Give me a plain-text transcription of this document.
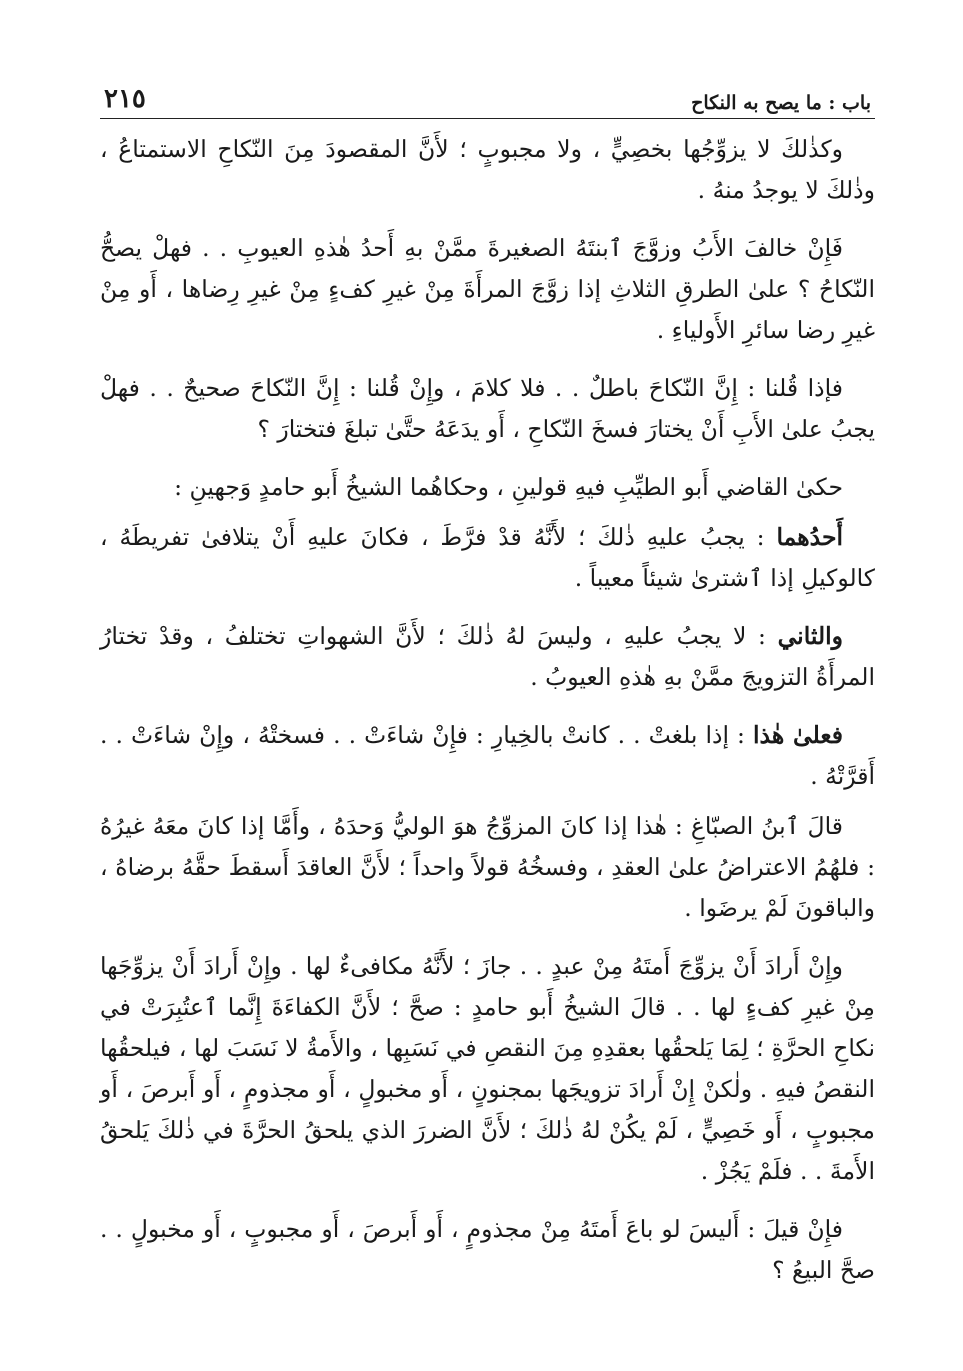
باب : ما يصح به النكاح
٢١٥

وكذٰلكَ لا يزوِّجُها بخصِيٍّ ، ولا مجبوبٍ ؛ لأَنَّ المقصودَ مِنَ النّكاحِ الاستمتاعُ ، وذٰلكَ لا يوجدُ منهُ .

فَإِنْ خالفَ الأَبُ وزوَّجَ ٱبنتَهُ الصغيرةَ ممَّنْ بهِ أَحدُ هٰذهِ العيوبِ . . فهلْ يصحُّ النّكاحُ ؟ علىٰ الطرقِ الثلاثِ إذا زوَّجَ المرأَةَ مِنْ غيرِ كفءٍ مِنْ غيرِ رِضاها ، أَو مِنْ غيرِ رضا سائرِ الأَولياءِ .

فإذا قُلنا : إِنَّ النّكاحَ باطلٌ . . فلا كلامَ ، وإِنْ قُلنا : إِنَّ النّكاحَ صحيحٌ . . فهلْ يجبُ علىٰ الأَبِ أَنْ يختارَ فسخَ النّكاحِ ، أَو يدَعَهُ حتَّىٰ تبلغَ فتختارَ ؟

حكىٰ القاضي أَبو الطيِّبِ فيهِ قولينِ ، وحكاهُما الشيخُ أَبو حامدٍ وَجهينِ :

أَحدُهما : يجبُ عليهِ ذٰلكَ ؛ لأَنَّهُ قدْ فرَّطَ ، فكانَ عليهِ أَنْ يتلافىٰ تفريطَهُ ، كالوكيلِ إذا ٱشترىٰ شيئاً معيباً .

والثاني : لا يجبُ عليهِ ، وليسَ لهُ ذٰلكَ ؛ لأَنَّ الشهواتِ تختلفُ ، وقدْ تختارُ المرأَةُ التزويجَ ممَّنْ بهِ هٰذهِ العيوبُ .

فعلىٰ هٰذا : إذا بلغتْ . . كانتْ بالخِيارِ : فإِنْ شاءَتْ . . فسختْهُ ، وإِنْ شاءَتْ . . أَقرَّتْهُ .

قالَ ٱبنُ الصبّاغِ : هٰذا إذا كانَ المزوِّجُ هوَ الوليُّ وَحدَهُ ، وأَمَّا إذا كانَ معَهُ غيرُهُ : فلهُمُ الاعتراضُ علىٰ العقدِ ، وفسخُهُ قولاً واحداً ؛ لأَنَّ العاقدَ أَسقطَ حقَّهُ برضاهُ ، والباقونَ لَمْ يرضَوا .

وإِنْ أَرادَ أَنْ يزوِّجَ أَمتَهُ مِنْ عبدٍ . . جازَ ؛ لأَنَّهُ مكافىءٌ لها . وإِنْ أَرادَ أَنْ يزوِّجَها مِنْ غيرِ كفءٍ لها . . قالَ الشيخُ أَبو حامدٍ : صحَّ ؛ لأَنَّ الكفاءَةَ إِنَّما ٱعتُبِرَتْ في نكاحِ الحرَّةِ ؛ لِمَا يَلحقُها بعقدِهِ مِنَ النقصِ في نَسَبِها ، والأَمةُ لا نَسَبَ لها ، فيلحقُها النقصُ فيهِ . ولٰكنْ إِنْ أَرادَ تزويجَها بمجنونٍ ، أَو مخبولٍ ، أَو مجذومٍ ، أَو أَبرصَ ، أَو مجبوبٍ ، أَو خَصِيٍّ ، لَمْ يكُنْ لهُ ذٰلكَ ؛ لأَنَّ الضررَ الذي يلحقُ الحرَّةَ في ذٰلكَ يَلحقُ الأَمةَ . . فلَمْ يَجُزْ .

فإِنْ قيلَ : أَليسَ لو باعَ أَمتَهُ مِنْ مجذومٍ ، أَو أَبرصَ ، أَو مجبوبٍ ، أَو مخبولٍ . . صحَّ البيعُ ؟
